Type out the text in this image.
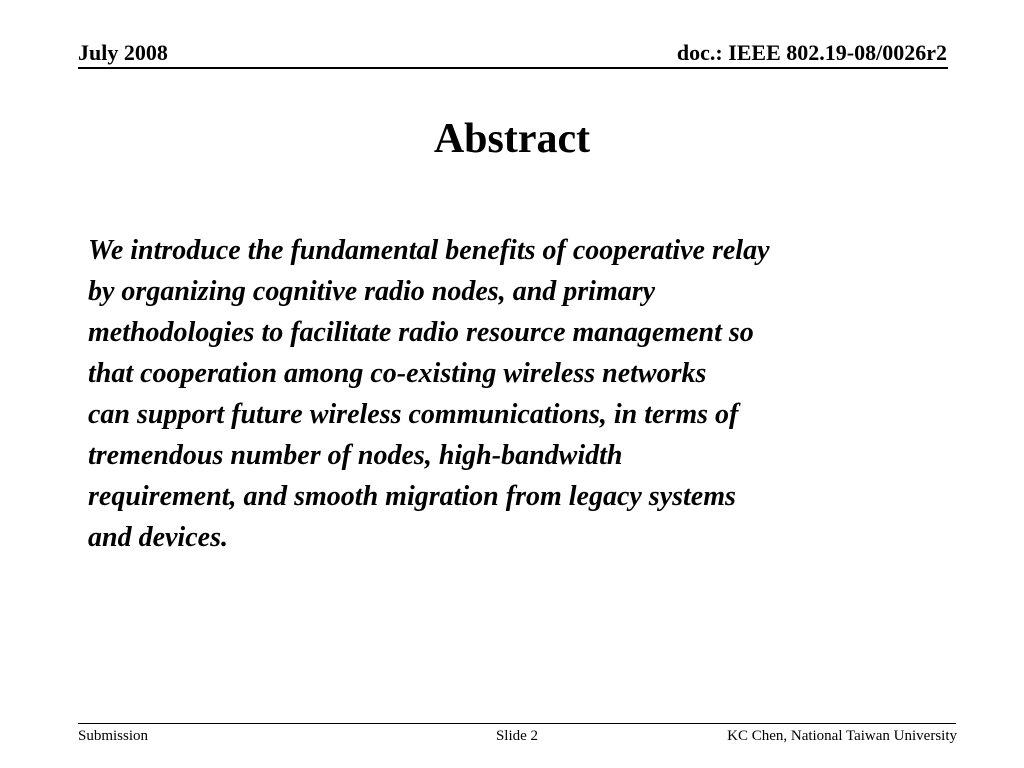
July 2008	doc.: IEEE 802.19-08/0026r2
Abstract
We introduce the fundamental benefits of cooperative relay
by organizing cognitive radio nodes, and primary
methodologies to facilitate radio resource management so
that cooperation among co-existing wireless networks
can support future wireless communications, in terms of
tremendous number of nodes, high-bandwidth
requirement, and smooth migration from legacy systems
and devices.
Submission	Slide 2	KC Chen, National Taiwan University
